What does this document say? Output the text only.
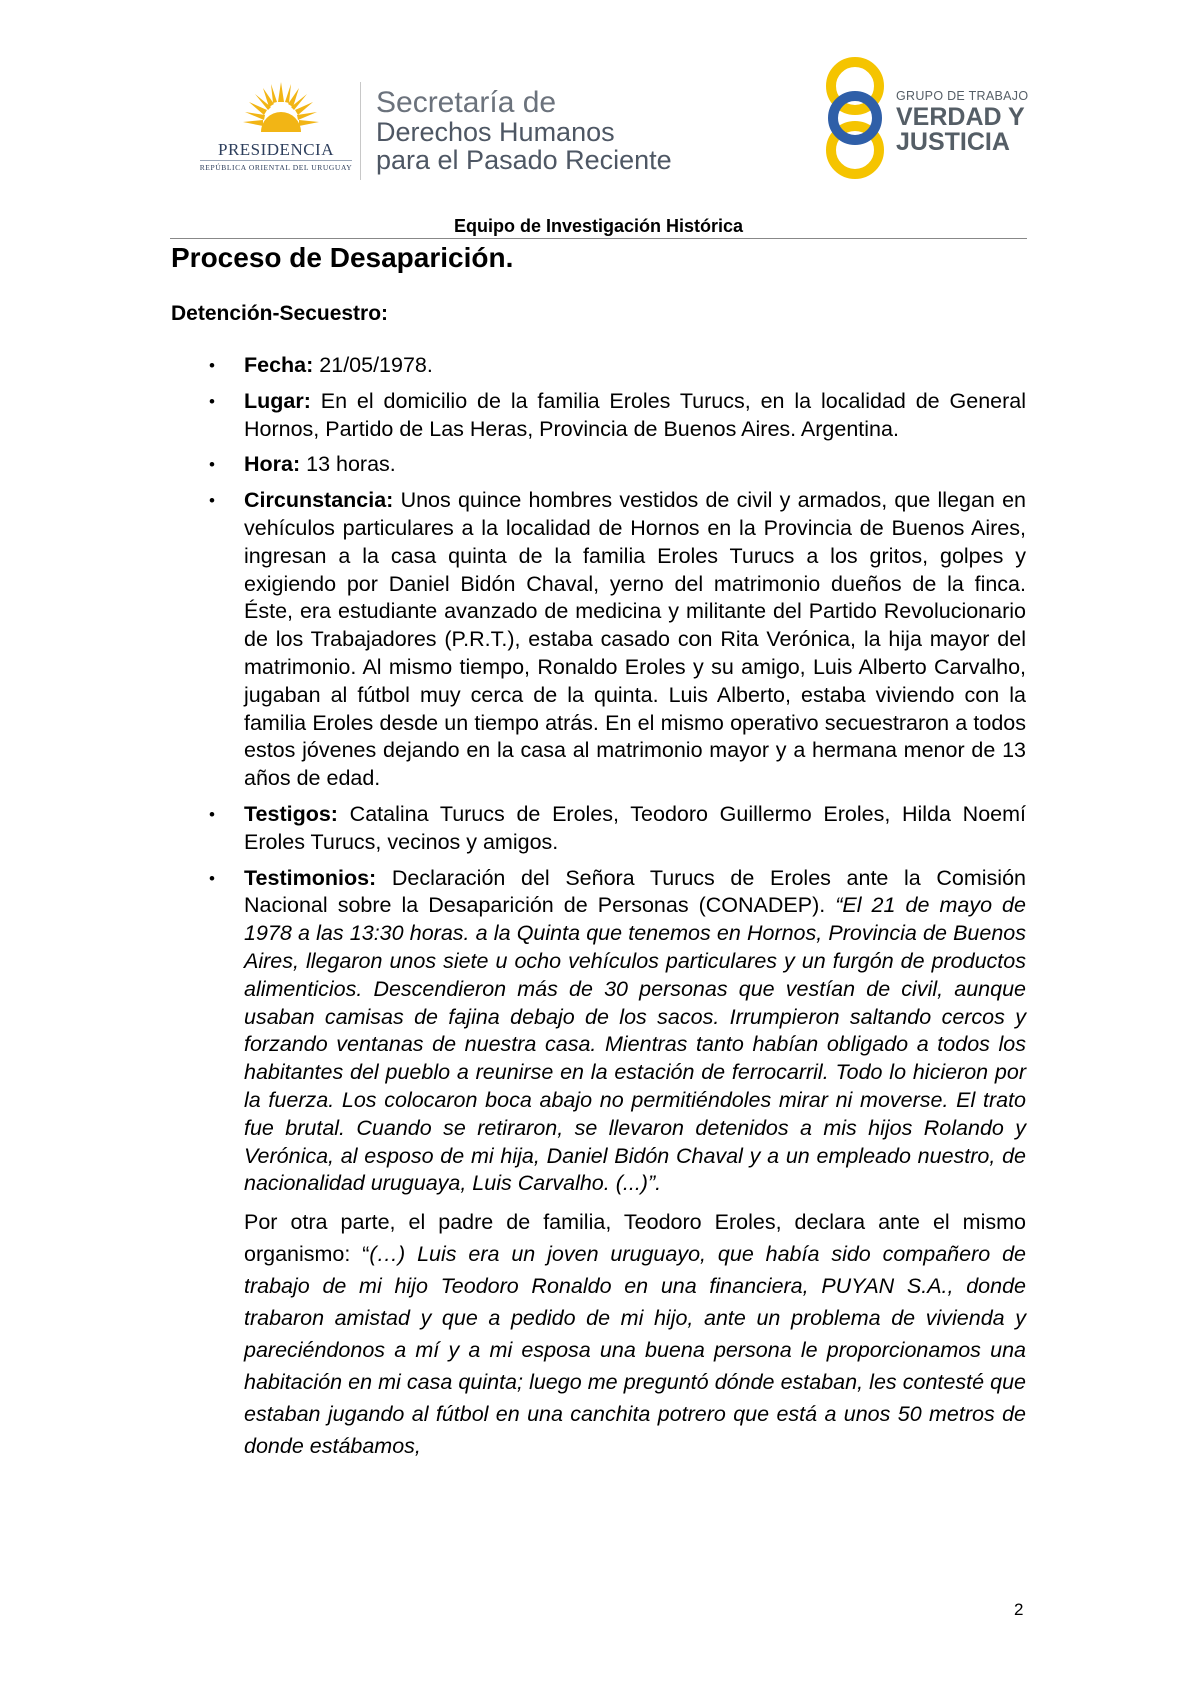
PRESIDENCIA
REPÚBLICA ORIENTAL DEL URUGUAY
Secretaría de
Derechos Humanos
para el Pasado Reciente
GRUPO DE TRABAJO
VERDAD Y
JUSTICIA
Equipo de Investigación Histórica
Proceso de Desaparición.
Detención-Secuestro:
• Fecha: 21/05/1978.
• Lugar: En el domicilio de la familia Eroles Turucs, en la localidad de General Hornos, Partido de Las Heras, Provincia de Buenos Aires. Argentina.
• Hora: 13 horas.
• Circunstancia: Unos quince hombres vestidos de civil y armados, que llegan en vehículos particulares a la localidad de Hornos en la Provincia de Buenos Aires, ingresan a la casa quinta de la familia Eroles Turucs a los gritos, golpes y exigiendo por Daniel Bidón Chaval, yerno del matrimonio dueños de la finca. Éste, era estudiante avanzado de medicina y militante del Partido Revolucionario de los Trabajadores (P.R.T.), estaba casado con Rita Verónica, la hija mayor del matrimonio. Al mismo tiempo, Ronaldo Eroles y su amigo, Luis Alberto Carvalho, jugaban al fútbol muy cerca de la quinta. Luis Alberto, estaba viviendo con la familia Eroles desde un tiempo atrás. En el mismo operativo secuestraron a todos estos jóvenes dejando en la casa al matrimonio mayor y a hermana menor de 13 años de edad.
• Testigos: Catalina Turucs de Eroles, Teodoro Guillermo Eroles, Hilda Noemí Eroles Turucs, vecinos y amigos.
• Testimonios: Declaración del Señora Turucs de Eroles ante la Comisión Nacional sobre la Desaparición de Personas (CONADEP). “El 21 de mayo de 1978 a las 13:30 horas. a la Quinta que tenemos en Hornos, Provincia de Buenos Aires, llegaron unos siete u ocho vehículos particulares y un furgón de productos alimenticios. Descendieron más de 30 personas que vestían de civil, aunque usaban camisas de fajina debajo de los sacos. Irrumpieron saltando cercos y forzando ventanas de nuestra casa. Mientras tanto habían obligado a todos los habitantes del pueblo a reunirse en la estación de ferrocarril. Todo lo hicieron por la fuerza. Los colocaron boca abajo no permitiéndoles mirar ni moverse. El trato fue brutal. Cuando se retiraron, se llevaron detenidos a mis hijos Rolando y Verónica, al esposo de mi hija, Daniel Bidón Chaval y a un empleado nuestro, de nacionalidad uruguaya, Luis Carvalho. (...)”.

Por otra parte, el padre de familia, Teodoro Eroles, declara ante el mismo organismo: “(…) Luis era un joven uruguayo, que había sido compañero de trabajo de mi hijo Teodoro Ronaldo en una financiera, PUYAN S.A., donde trabaron amistad y que a pedido de mi hijo, ante un problema de vivienda y pareciéndonos a mí y a mi esposa una buena persona le proporcionamos una habitación en mi casa quinta; luego me preguntó dónde estaban, les contesté que estaban jugando al fútbol en una canchita potrero que está a unos 50 metros de donde estábamos,

2
